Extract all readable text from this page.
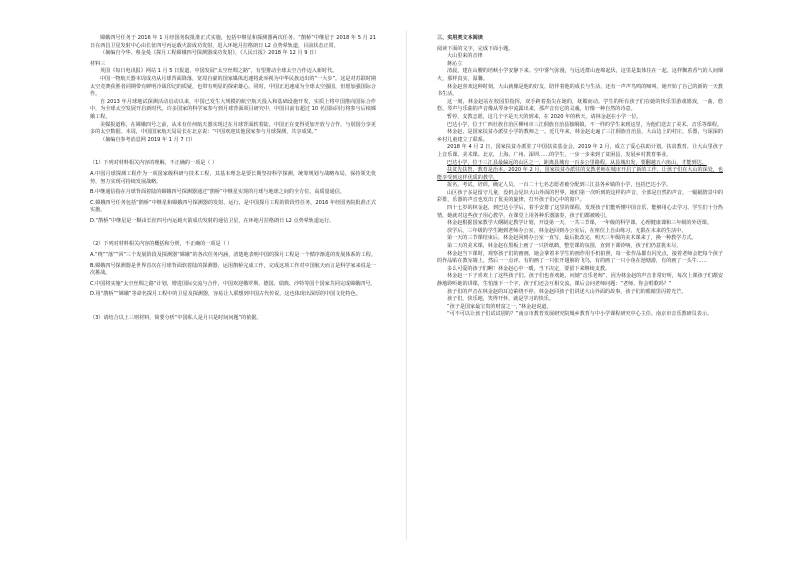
嫦娥四号任务于 2016 年 1 月经国务院批准正式实施，包括中继星和探测器两次任务。“鹊桥”中继星于 2018 年 5 月 21 日在西昌卫星发射中心由长征四号丙运载火箭成功发射，进入环地月拉格朗日 L2 点势晕轨道，目前状态正常。

（摘编自今华、蔡金曼《探月工程嫦娥四号探测器成功发射》，《人民日报》2018 年 12 月 9 日）

材料三

英国《每日电讯报》网站 1 月 5 日报道，中国发展“太空丝绸之路”，有望推动全球太空合作迈入新时代。

中国一物航天器本周成功从月球背面降落，宽周自豪的国家媒体迅速将此举视为中华民族迈出的“一大步”。这是对苏联时期太空竞赛获胜者同期带有鲜明冷战印记的质疑，也带有明显的探索雄心。同时，中国正迅速成为全球太空强国，但愿加强国际合作。

自 2013 年月球地试探测活动启动以来，中国已发生大规模的航空航天投入和基础设施开发，实质上将中国推向国际合作中，为全球太空发展开启新时代。许多国家的科学家参与到月球背面项目研究中，中国目前有超过 10 名国际同行将参与后续嫦娥工程。

美媒报道称，在嫦娥四号之前，从未有任何航天器实现过在月球背面软着陆。中国正在变得更加开放与合作，与别国分享更多的太空数据。本周，中国国家航天局局长在北京说：“中国欢迎其他国家参与月球探测，共享成果。”

（摘编自参考消息网 2019 年 1 月 7 日）

（1）下列对材料相关内容的理解，不正确的一项是（ ）

A.中国月球探测工程作为一项国家级科研与技术工程，其基本理念是要长期坚持科学探测，统筹规划与战略布局，保持领先优势，努力实现可持续发展战略。

B.中继通信指在月球背面着陆的嫦娥四号探测器通过“鹊桥”中继星实现的月球与地球之间的全方位、高质量通信。

C.嫦娥四号任务包括“鹊桥”中继星和嫦娥四号探测器的发射、运行，是中国探月工程的阶段性任务，2016 年经国务院批准正式实施。

D.“鹊桥”中继星是一颗由长征四号丙运载火箭成功发射的通信卫星，在环地月拉格朗日 L2 点势晕轨道运行。

（2）下列对材料相关内容的概括和分析，不正确的一项是（ ）

A.“绕”“落”“回”三个发展阶段及探测器“嫦娥”的各次任务内涵，清楚地表明中国的探月工程是一个循序渐进的发展体系的工程。

B.嫦娥四号探测器是世界首次在月球背面软着陆的探测器，运用鹊桥完成工作，完成这项工作对中国航天而言是科学家来说是一次挑战。

C.中国将实施“太空丝绸之路”计划，增进国际交流与合作，中国欢迎俄罗斯、德国、瑞典、沙特等国个国家共同完成嫦娥四号。

D.用“鹊桥”“嫦娥”等命名探月工程中的卫星及探测器，容易让人联想到中国古代传说，这也体现出深厚的中国文化特色。

（3）请结合以上三则材料，简要分析“中国私人是月只是时间问题”的依据。

三、实用类文本阅读

阅读下面的文字，完成下面小题。

大山里来的音律

蒋沁立

清晨，建在山腰的培峡小学安静下来。空中雾气弥漫，与远近群山连绵起伏，这里是集体住在一起，这样飘着香气的人间烟火，那样真实，温馨。

林金赵喜欢这种时刻。大山就像是他的好友，陪伴着他的成长与生活，还有一声声鸟鸣的啼叫。她开始了自己的新的一天教书生活。

这一刻，林金赵站在校园里指挥，双手跨着指尖在她的，妩媚而动。学生的所有孩子们在她的快乐里游戏嬉戏，一曲，悠悠，琴声与乐曲的声音像从琴身中流露出来，那声音有它的灵魂，好像一种自然的诗意。

暂停，支教志愿，这几个字是天天的到来，在 2020 年的秋天，请林金赵在小学一位。

巴达小学，位于广西壮族自治区柳州市三江侗族自治县独峒镇，不一样的学生来到这里，为他们送去了美术、音乐等课程。

林金赵，是国家扶贫办派驻小学的教师之一。近几年来，林金赵走遍了三江侗族自治县，大山边上的村庄，乐器，与深深的乡村儿童建立了联系。

2018 年 4 月 2 日，国家扶贫办派驻了中国扶贫基金会，2019 年 2 月，成立了爱心扶助计划。扶贫教育，让大山里孩子上音乐课、美术课。北京，上海、广州、深圳……的学生，一步一步来到了贫困县，发展乡村教育事业。

巴达小学，位于三江县最偏远的山区之一，距离县城有一百多公里路程。从县城出发，要翻越五六座山，才能到达。

扶贫先扶智，教育是治本。2020 年 2 月，国家扶贫办派驻的支教老师在城市开启了新的工作，让孩子们在大山的深处，也能享受到这样优质的教学。

报名，考试，培训，确定人员，一百二十七名志愿者被分配到三江县各乡镇的小学，包括巴达小学。

山区孩子多是留守儿童，没机会见识大山外面的世界，她们第一次听到的这样的声音，全部是自然的声音，一幅幅情景中的彩排，乐器的声音也发出了优美的旋律，打开孩子们心中的窗户。

四十七岁的林金赵，到巴达小学后，着手安排了这里的课程，发现孩子们能听懂中国音乐，能够用心去学习。学生们十分热情，她就对这些孩子用心教学，在课堂上用各种乐器演奏，孩子们都被吸引。

林金赵根据国家教学大纲制定教学计划，开设第一天，一共三节课，一年级的科学课、心理健康课和三年级的外语课。

放学后，三年级的学生跑到老师办公室，林金赵回到办公室后，在座位上自由练习，无限在未来的生活中。

第一天的三节课结束后，林金赵回到办公室一直写，最后批改完，明天三年级的美术课来了，换一种教学方式。

第二天的美术课，林金赵在黑板上画了一只折纸鹤，整堂课的氛围，直到下课铃响，孩子们仍意犹未尽。

林金赵当下课时，观察孩子们的画画，她会拿着本学生的画作用手机拍照，每一张作品都有闪光点，接着老师会把每个孩子的作品贴在教室墙上，然后一一点评。有的画了一只张开翅膀的飞鸟，有的画了一只小鱼在池塘游，有的画了一头牛……

多么可爱的孩子们啊！林金赵心中一暖，当下决定，要留下来继续支教。

林金赵一下子喜欢上了这些孩子们。孩子们也喜欢她，问她“音乐老师”，因为林金赵的声音非常好听，每次上课孩子们都安静地聆听她的讲课，生怕落下一个字，孩子们还会互相交流，课后会问老师问题：“老师，你会唱歌吗？”

孩子们的声音在林金赵的耳边萦绕不停。林金赵同孩子们讲述大山外面的故事，孩子们的眼睛里闪着光芒。

孩子们，快乐地，笑得开怀，就是学习的快乐。

“孩子是国家最宝贵的财富之一，”林金赵说道。

“可不可以让孩子们试试别的？”南京市教育发展研究院城乡教育与中小学课程研究中心主任、南京市音乐教研员表示。
